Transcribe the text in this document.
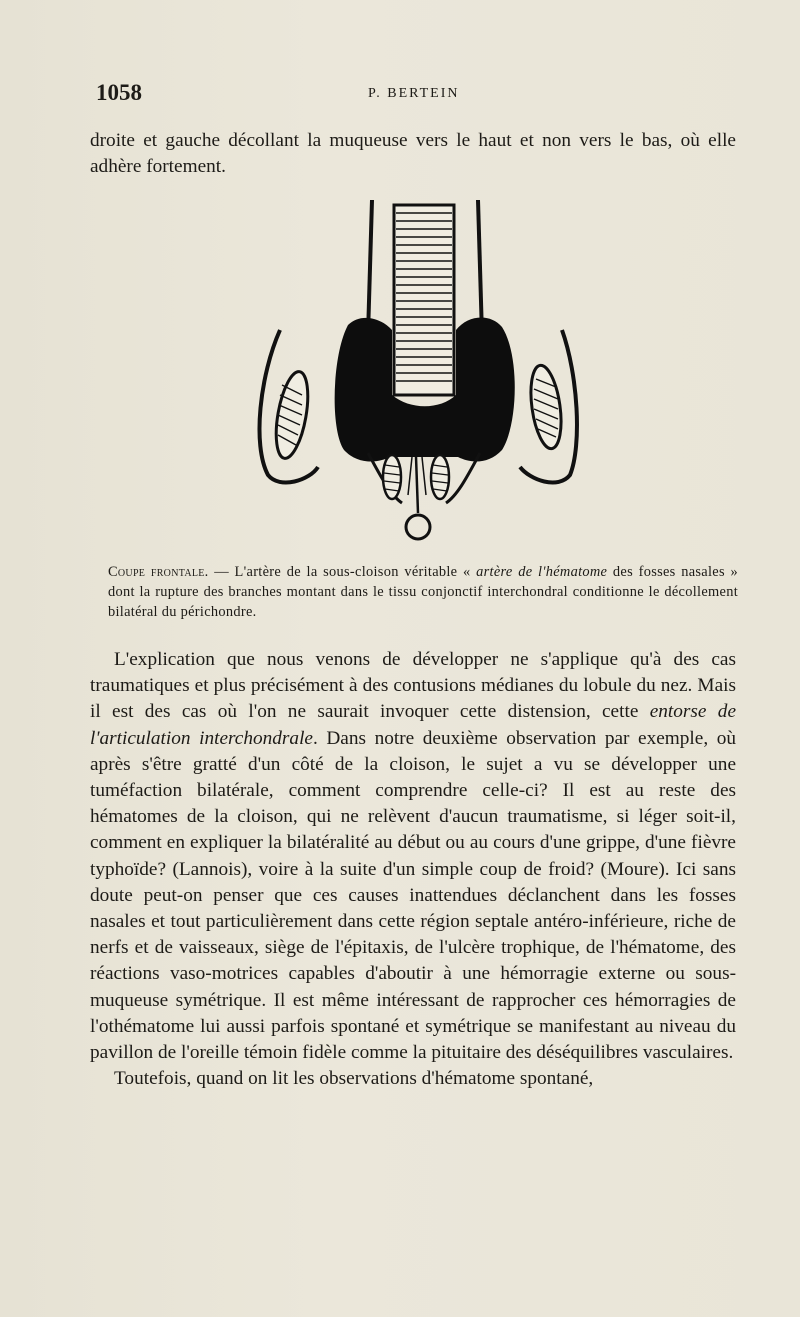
1058	P. BERTEIN

droite et gauche décollant la muqueuse vers le haut et non vers le bas, où elle adhère fortement.

Coupe frontale. — L'artère de la sous-cloison véritable « artère de l'hématome des fosses nasales » dont la rupture des branches montant dans le tissu conjonctif interchondral conditionne le décollement bilatéral du périchondre.

L'explication que nous venons de développer ne s'applique qu'à des cas traumatiques et plus précisément à des contusions médianes du lobule du nez. Mais il est des cas où l'on ne saurait invoquer cette distension, cette entorse de l'articulation interchondrale. Dans notre deuxième observation par exemple, où après s'être gratté d'un côté de la cloison, le sujet a vu se développer une tuméfaction bilatérale, comment comprendre celle-ci? Il est au reste des hématomes de la cloison, qui ne relèvent d'aucun traumatisme, si léger soit-il, comment en expliquer la bilatéralité au début ou au cours d'une grippe, d'une fièvre typhoïde? (Lannois), voire à la suite d'un simple coup de froid? (Moure). Ici sans doute peut-on penser que ces causes inattendues déclanchent dans les fosses nasales et tout particulièrement dans cette région septale antéro-inférieure, riche de nerfs et de vaisseaux, siège de l'épitaxis, de l'ulcère trophique, de l'hématome, des réactions vaso-motrices capables d'aboutir à une hémorragie externe ou sous-muqueuse symétrique. Il est même intéressant de rapprocher ces hémorragies de l'othématome lui aussi parfois spontané et symétrique se manifestant au niveau du pavillon de l'oreille témoin fidèle comme la pituitaire des déséquilibres vasculaires.

Toutefois, quand on lit les observations d'hématome spontané,
